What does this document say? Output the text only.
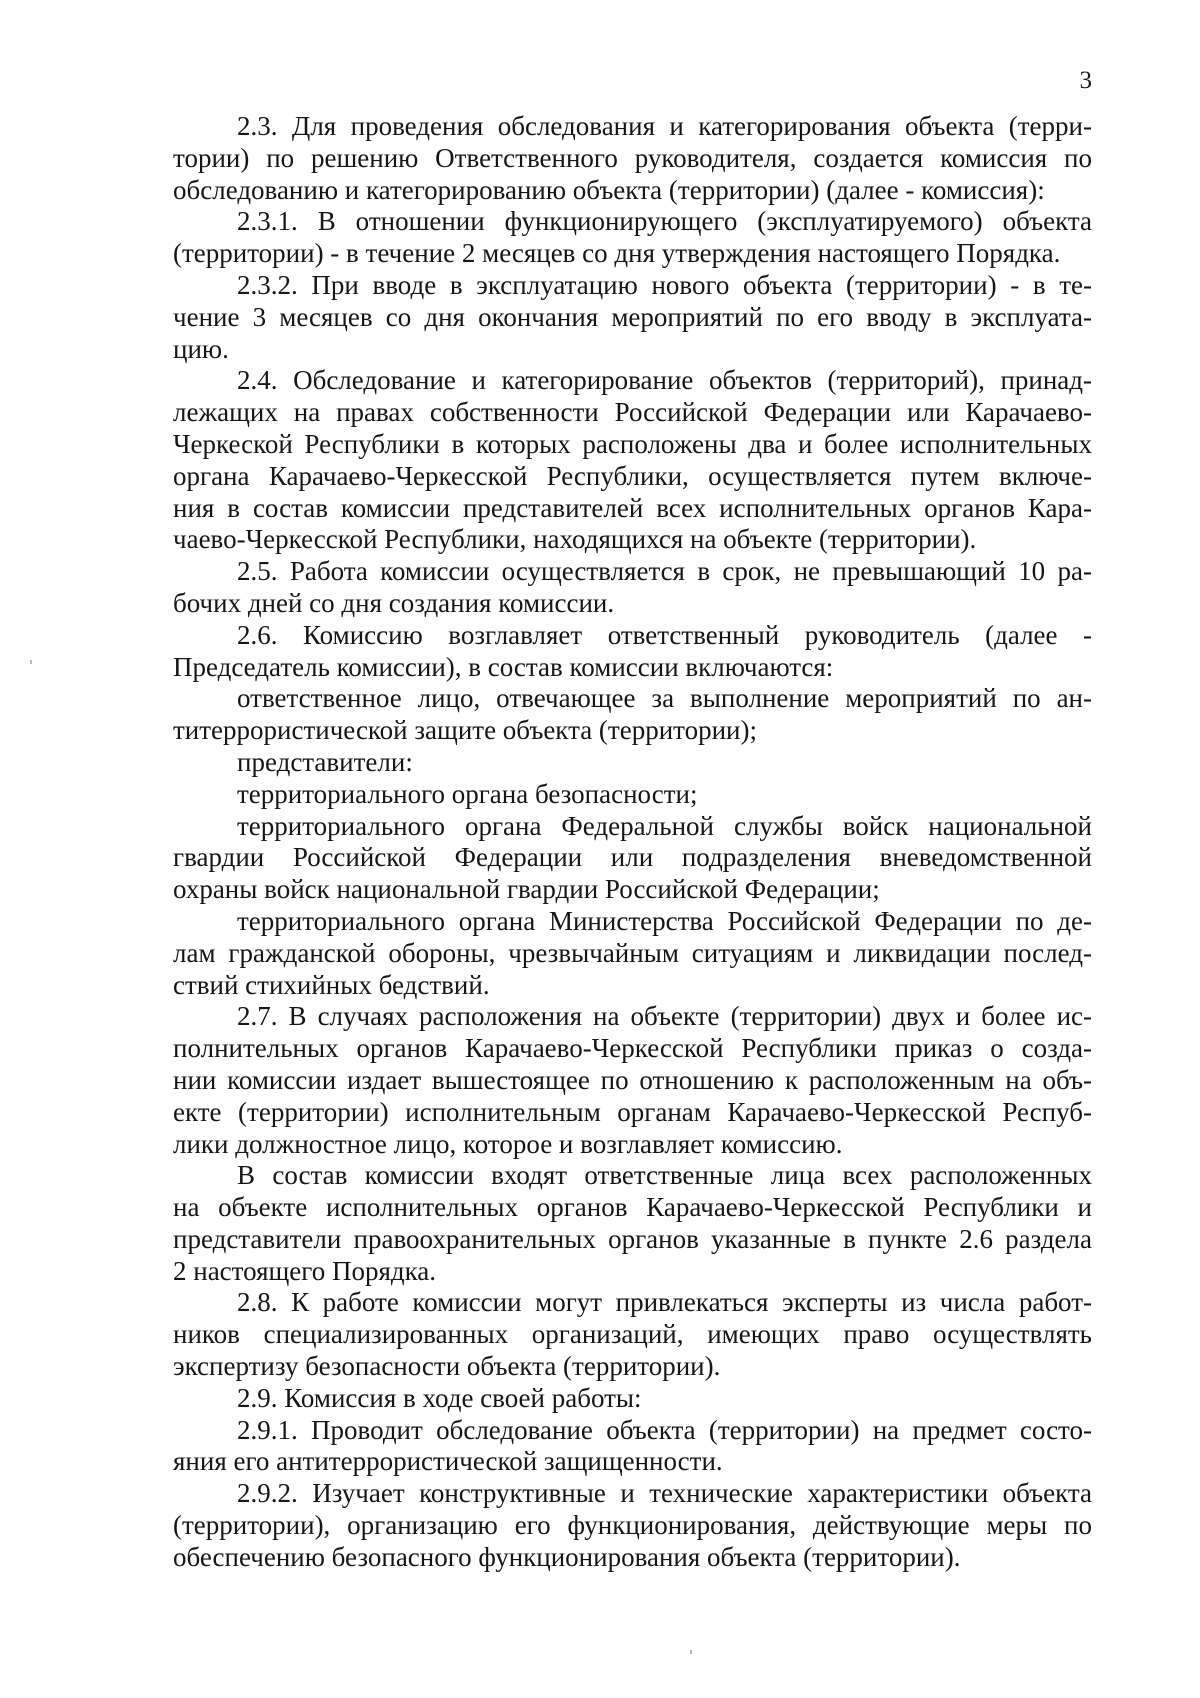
3
2.3. Для проведения обследования и категорирования объекта (терри-
тории) по решению Ответственного руководителя, создается комиссия по
обследованию и категорированию объекта (территории) (далее - комиссия):
2.3.1. В отношении функционирующего (эксплуатируемого) объекта
(территории) - в течение 2 месяцев со дня утверждения настоящего Порядка.
2.3.2. При вводе в эксплуатацию нового объекта (территории) - в те-
чение 3 месяцев со дня окончания мероприятий по его вводу в эксплуата-
цию.
2.4. Обследование и категорирование объектов (территорий), принад-
лежащих на правах собственности Российской Федерации или Карачаево-
Черкеской Республики в которых расположены два и более исполнительных
органа Карачаево-Черкесской Республики, осуществляется путем включе-
ния в состав комиссии представителей всех исполнительных органов Кара-
чаево-Черкесской Республики, находящихся на объекте (территории).
2.5. Работа комиссии осуществляется в срок, не превышающий 10 ра-
бочих дней со дня создания комиссии.
2.6. Комиссию возглавляет ответственный руководитель (далее -
Председатель комиссии), в состав комиссии включаются:
ответственное лицо, отвечающее за выполнение мероприятий по ан-
титеррористической защите объекта (территории);
представители:
территориального органа безопасности;
территориального органа Федеральной службы войск национальной
гвардии Российской Федерации или подразделения вневедомственной
охраны войск национальной гвардии Российской Федерации;
территориального органа Министерства Российской Федерации по де-
лам гражданской обороны, чрезвычайным ситуациям и ликвидации послед-
ствий стихийных бедствий.
2.7. В случаях расположения на объекте (территории) двух и более ис-
полнительных органов Карачаево-Черкесской Республики приказ о созда-
нии комиссии издает вышестоящее по отношению к расположенным на объ-
екте (территории) исполнительным органам Карачаево-Черкесской Респуб-
лики должностное лицо, которое и возглавляет комиссию.
В состав комиссии входят ответственные лица всех расположенных
на объекте исполнительных органов Карачаево-Черкесской Республики и
представители правоохранительных органов указанные в пункте 2.6 раздела
2 настоящего Порядка.
2.8. К работе комиссии могут привлекаться эксперты из числа работ-
ников специализированных организаций, имеющих право осуществлять
экспертизу безопасности объекта (территории).
2.9. Комиссия в ходе своей работы:
2.9.1. Проводит обследование объекта (территории) на предмет состо-
яния его антитеррористической защищенности.
2.9.2. Изучает конструктивные и технические характеристики объекта
(территории), организацию его функционирования, действующие меры по
обеспечению безопасного функционирования объекта (территории).
